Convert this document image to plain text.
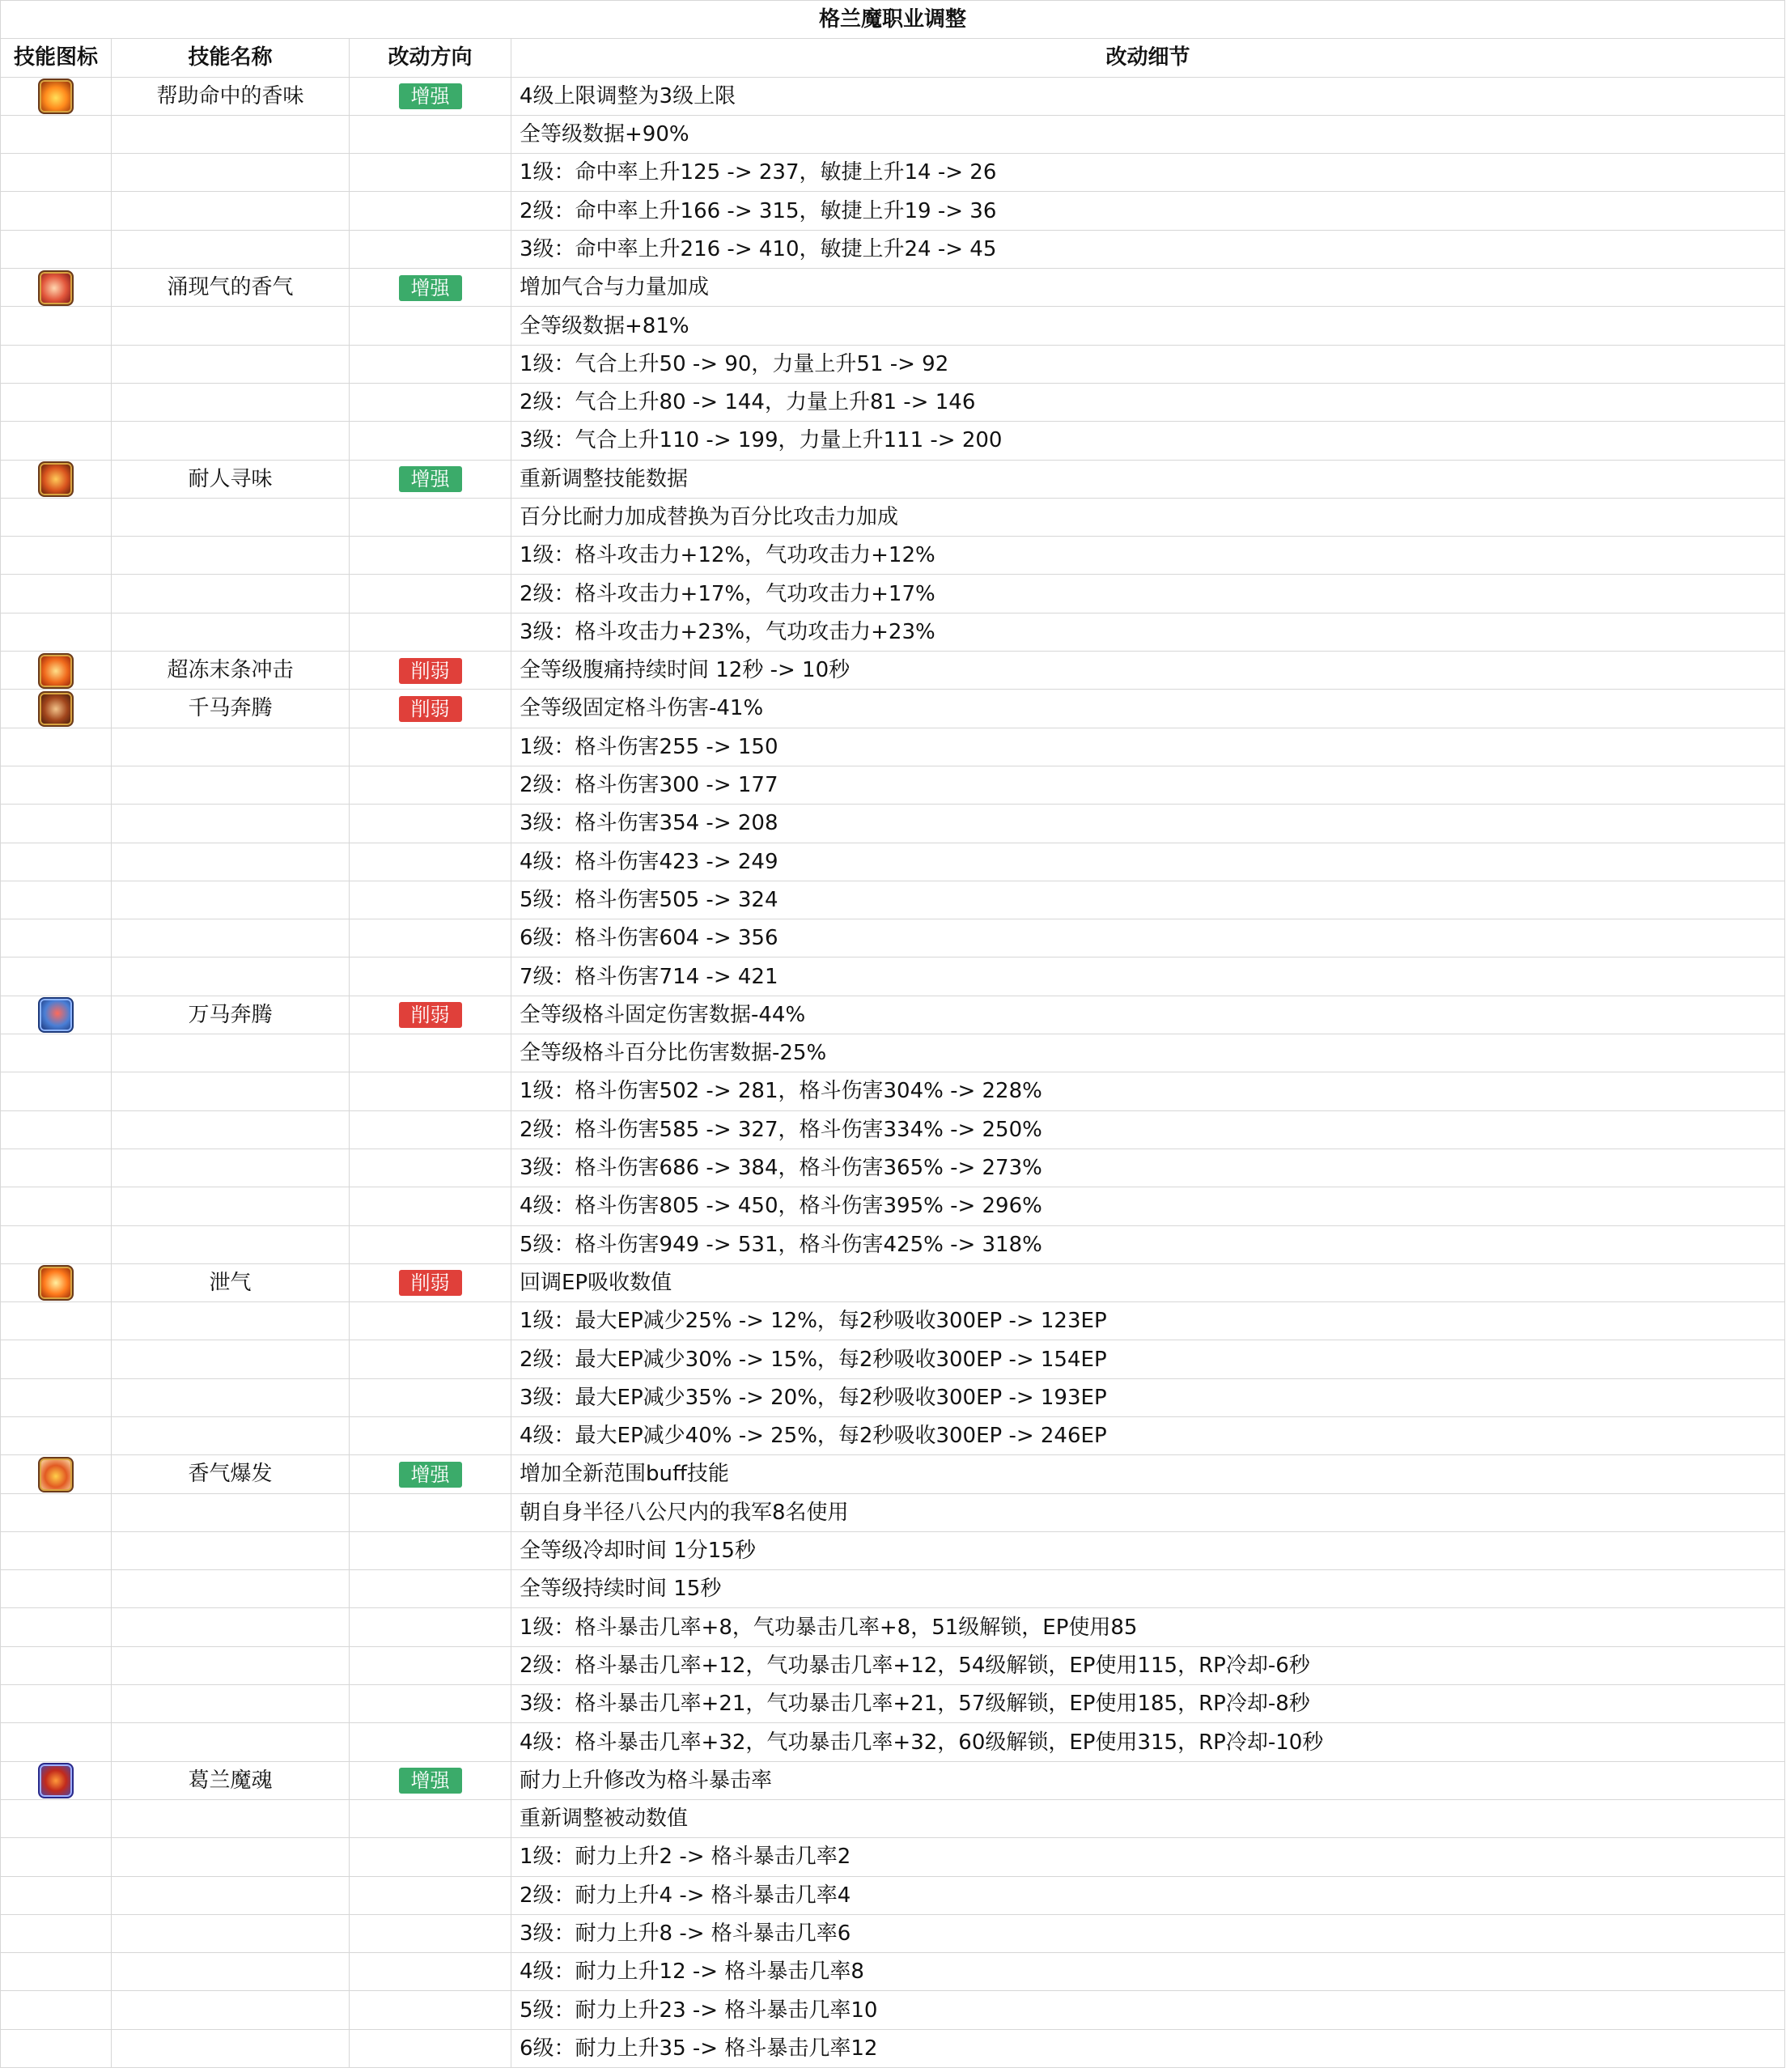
格兰魔职业调整			
技能图标	技能名称	改动方向	改动细节
	帮助命中的香味	增强	4级上限调整为3级上限
			全等级数据+90%
			1级：命中率上升125 -> 237，敏捷上升14 -> 26
			2级：命中率上升166 -> 315，敏捷上升19 -> 36
			3级：命中率上升216 -> 410，敏捷上升24 -> 45
	涌现气的香气	增强	增加气合与力量加成
			全等级数据+81%
			1级：气合上升50 -> 90，力量上升51 -> 92
			2级：气合上升80 -> 144，力量上升81 -> 146
			3级：气合上升110 -> 199，力量上升111 -> 200
	耐人寻味	增强	重新调整技能数据
			百分比耐力加成替换为百分比攻击力加成
			1级：格斗攻击力+12%，气功攻击力+12%
			2级：格斗攻击力+17%，气功攻击力+17%
			3级：格斗攻击力+23%，气功攻击力+23%
	超冻末条冲击	削弱	全等级腹痛持续时间 12秒 -> 10秒
	千马奔腾	削弱	全等级固定格斗伤害-41%
			1级：格斗伤害255 -> 150
			2级：格斗伤害300 -> 177
			3级：格斗伤害354 -> 208
			4级：格斗伤害423 -> 249
			5级：格斗伤害505 -> 324
			6级：格斗伤害604 -> 356
			7级：格斗伤害714 -> 421
	万马奔腾	削弱	全等级格斗固定伤害数据-44%
			全等级格斗百分比伤害数据-25%
			1级：格斗伤害502 -> 281，格斗伤害304% -> 228%
			2级：格斗伤害585 -> 327，格斗伤害334% -> 250%
			3级：格斗伤害686 -> 384，格斗伤害365% -> 273%
			4级：格斗伤害805 -> 450，格斗伤害395% -> 296%
			5级：格斗伤害949 -> 531，格斗伤害425% -> 318%
	泄气	削弱	回调EP吸收数值
			1级：最大EP减少25% -> 12%，每2秒吸收300EP -> 123EP
			2级：最大EP减少30% -> 15%，每2秒吸收300EP -> 154EP
			3级：最大EP减少35% -> 20%，每2秒吸收300EP -> 193EP
			4级：最大EP减少40% -> 25%，每2秒吸收300EP -> 246EP
	香气爆发	增强	增加全新范围buff技能
			朝自身半径八公尺内的我军8名使用
			全等级冷却时间 1分15秒
			全等级持续时间 15秒
			1级：格斗暴击几率+8，气功暴击几率+8，51级解锁，EP使用85
			2级：格斗暴击几率+12，气功暴击几率+12，54级解锁，EP使用115，RP冷却-6秒
			3级：格斗暴击几率+21，气功暴击几率+21，57级解锁，EP使用185，RP冷却-8秒
			4级：格斗暴击几率+32，气功暴击几率+32，60级解锁，EP使用315，RP冷却-10秒
	葛兰魔魂	增强	耐力上升修改为格斗暴击率
			重新调整被动数值
			1级：耐力上升2 -> 格斗暴击几率2
			2级：耐力上升4 -> 格斗暴击几率4
			3级：耐力上升8 -> 格斗暴击几率6
			4级：耐力上升12 -> 格斗暴击几率8
			5级：耐力上升23 -> 格斗暴击几率10
			6级：耐力上升35 -> 格斗暴击几率12
